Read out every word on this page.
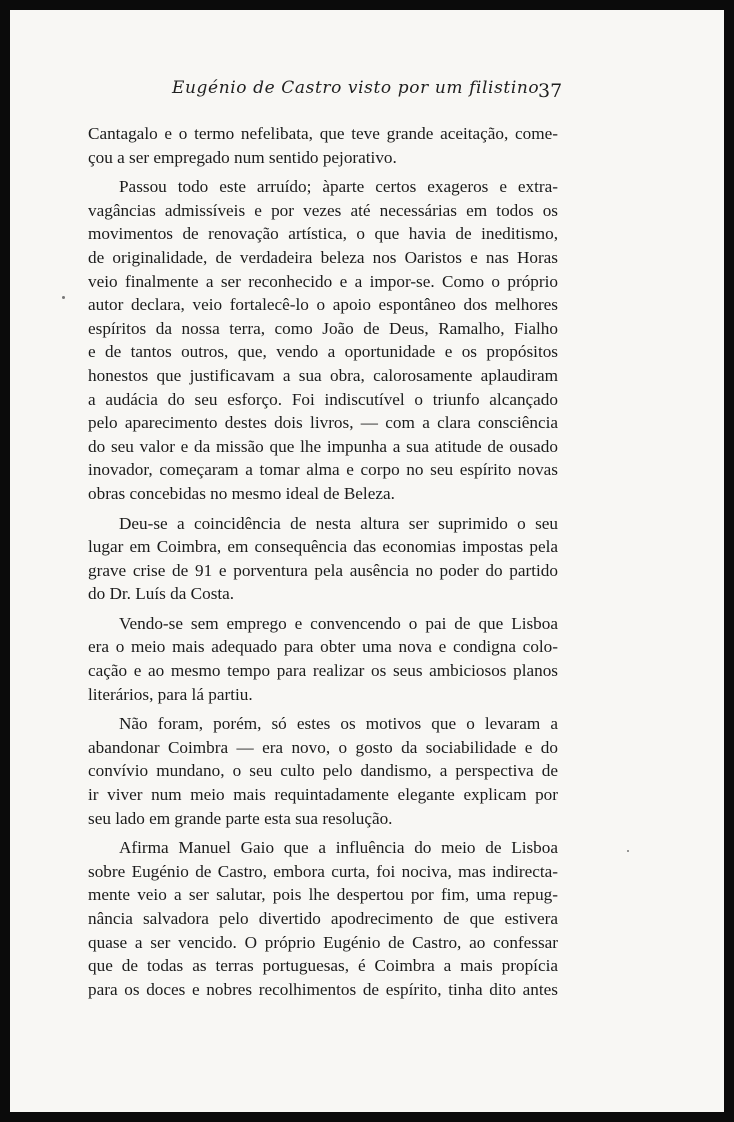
Eugénio de Castro visto por um filistino
37
Cantagalo e o termo nefelibata, que teve grande aceitação, come-
çou a ser empregado num sentido pejorativo.
Passou todo este arruído; àparte certos exageros e extra-
vagâncias admissíveis e por vezes até necessárias em todos os
movimentos de renovação artística, o que havia de ineditismo,
de originalidade, de verdadeira beleza nos Oaristos e nas Horas
veio finalmente a ser reconhecido e a impor-se. Como o próprio
autor declara, veio fortalecê-lo o apoio espontâneo dos melhores
espíritos da nossa terra, como João de Deus, Ramalho, Fialho
e de tantos outros, que, vendo a oportunidade e os propósitos
honestos que justificavam a sua obra, calorosamente aplaudiram
a audácia do seu esforço. Foi indiscutível o triunfo alcançado
pelo aparecimento destes dois livros, — com a clara consciência
do seu valor e da missão que lhe impunha a sua atitude de ousado
inovador, começaram a tomar alma e corpo no seu espírito novas
obras concebidas no mesmo ideal de Beleza.
Deu-se a coincidência de nesta altura ser suprimido o seu
lugar em Coimbra, em consequência das economias impostas pela
grave crise de 91 e porventura pela ausência no poder do partido
do Dr. Luís da Costa.
Vendo-se sem emprego e convencendo o pai de que Lisboa
era o meio mais adequado para obter uma nova e condigna colo-
cação e ao mesmo tempo para realizar os seus ambiciosos planos
literários, para lá partiu.
Não foram, porém, só estes os motivos que o levaram a
abandonar Coimbra — era novo, o gosto da sociabilidade e do
convívio mundano, o seu culto pelo dandismo, a perspectiva de
ir viver num meio mais requintadamente elegante explicam por
seu lado em grande parte esta sua resolução.
Afirma Manuel Gaio que a influência do meio de Lisboa
sobre Eugénio de Castro, embora curta, foi nociva, mas indirecta-
mente veio a ser salutar, pois lhe despertou por fim, uma repug-
nância salvadora pelo divertido apodrecimento de que estivera
quase a ser vencido. O próprio Eugénio de Castro, ao confessar
que de todas as terras portuguesas, é Coimbra a mais propícia
para os doces e nobres recolhimentos de espírito, tinha dito antes
